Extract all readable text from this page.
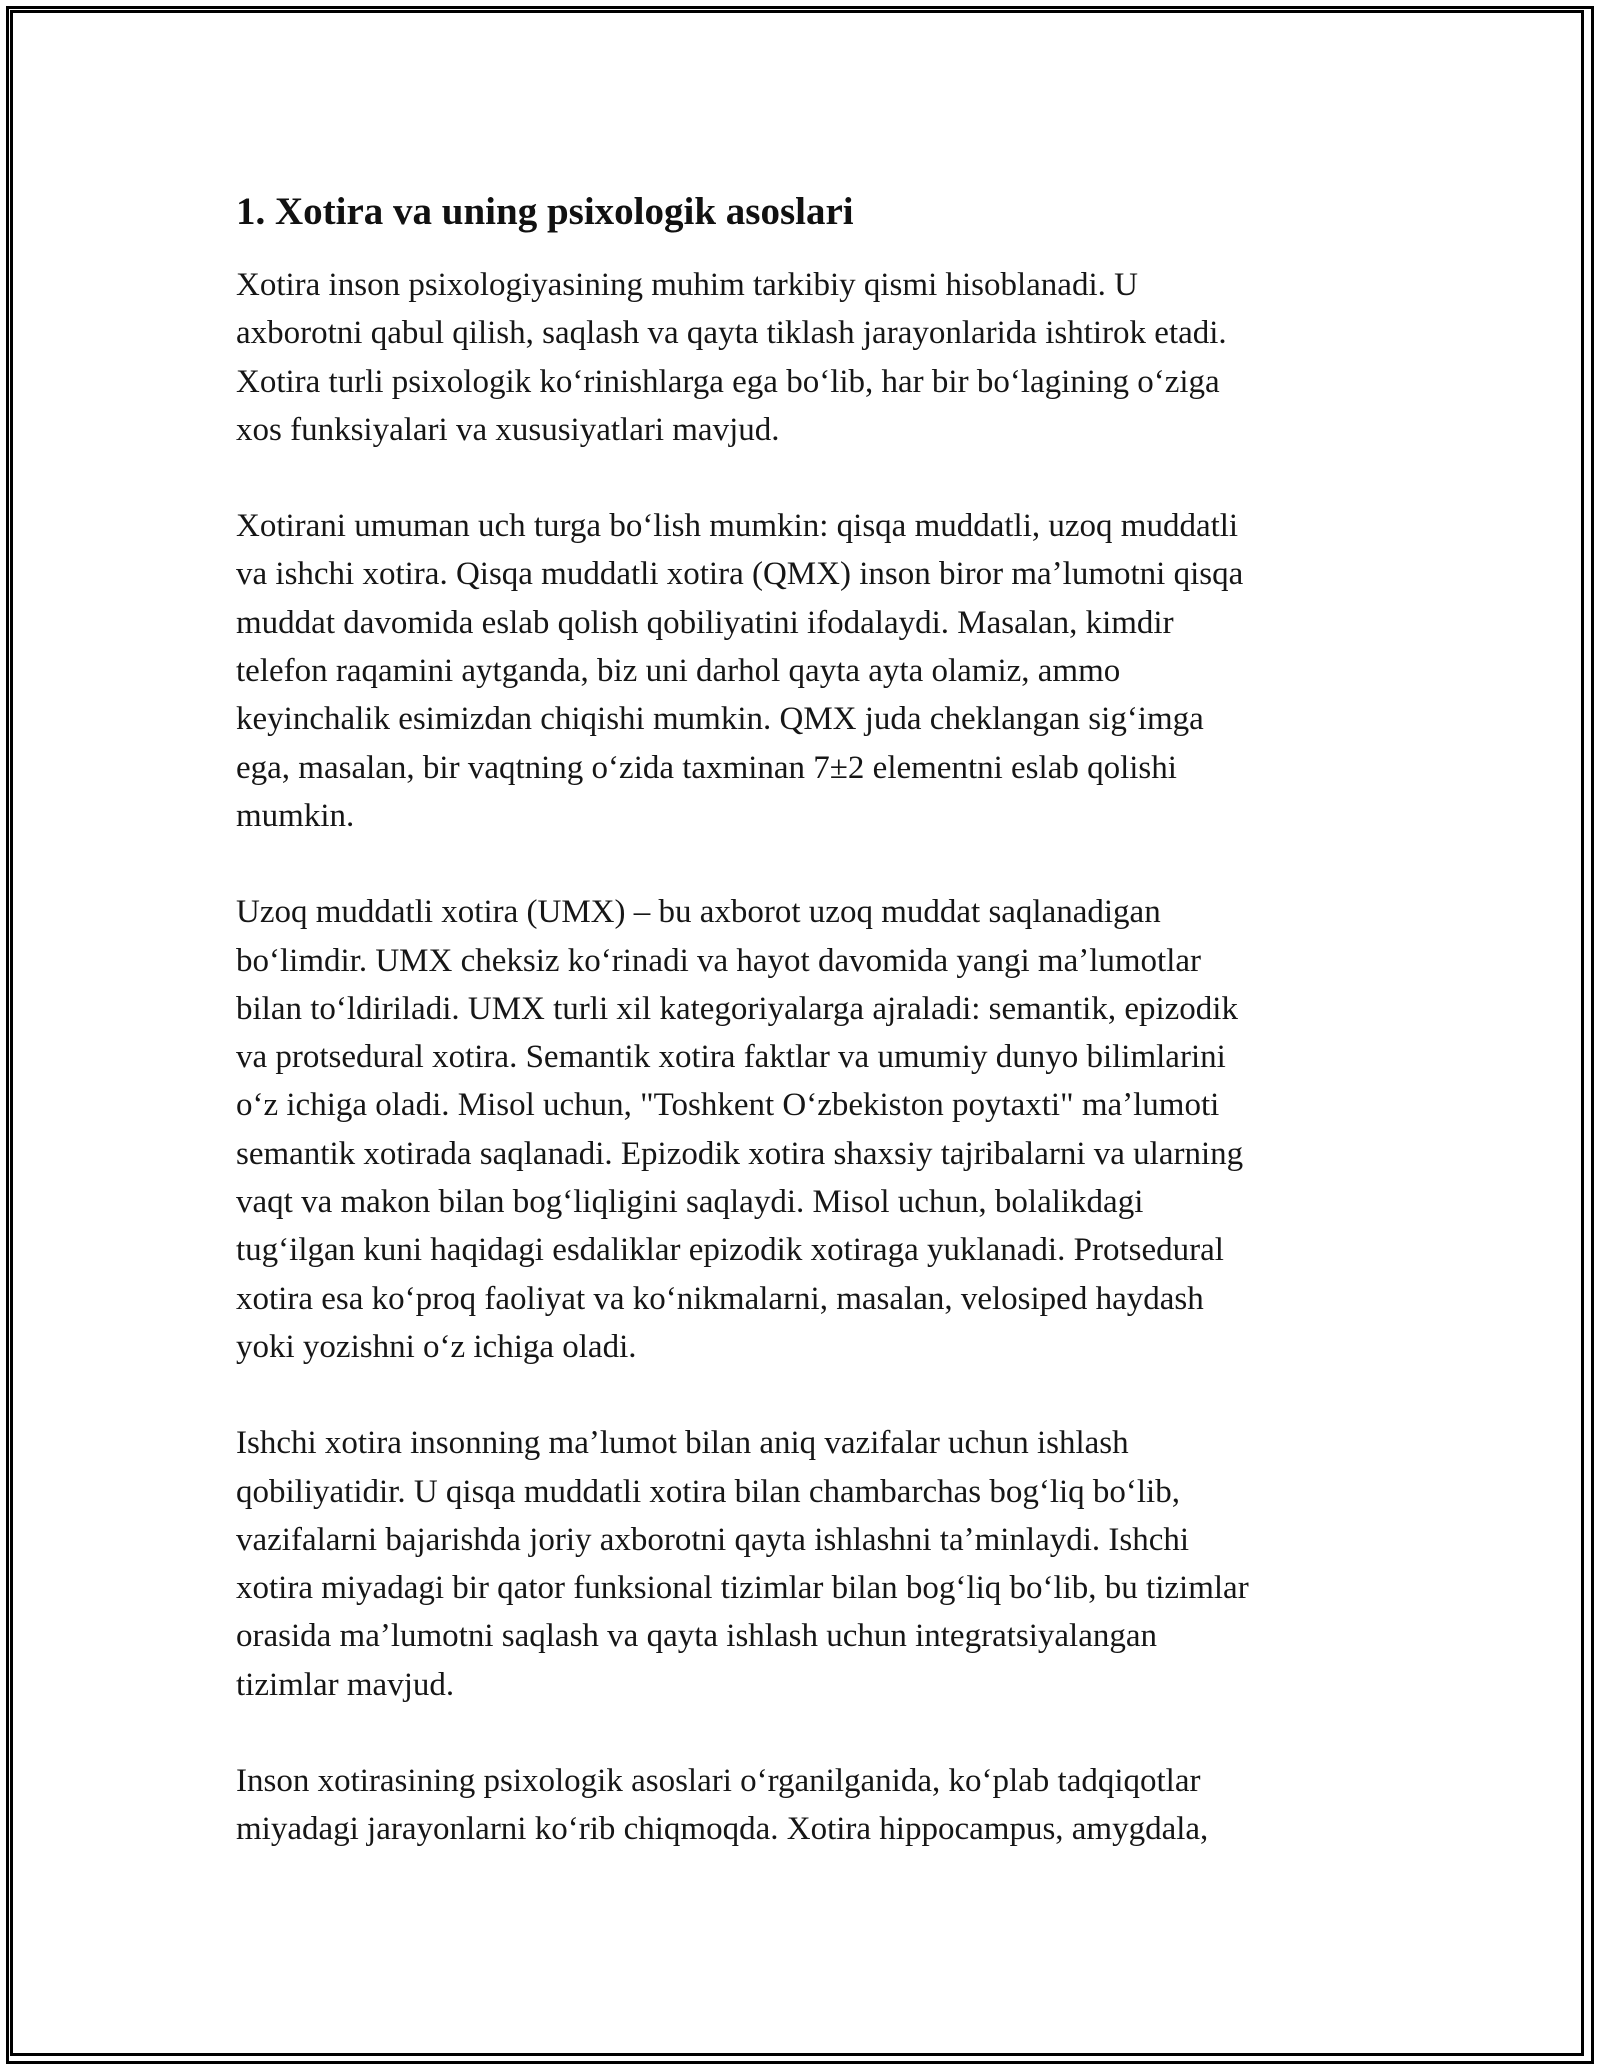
1. Xotira va uning psixologik asoslari

Xotira inson psixologiyasining muhim tarkibiy qismi hisoblanadi. U
axborotni qabul qilish, saqlash va qayta tiklash jarayonlarida ishtirok etadi.
Xotira turli psixologik koʻrinishlarga ega boʻlib, har bir boʻlagining oʻziga
xos funksiyalari va xususiyatlari mavjud.

Xotirani umuman uch turga boʻlish mumkin: qisqa muddatli, uzoq muddatli
va ishchi xotira. Qisqa muddatli xotira (QMX) inson biror maʼlumotni qisqa
muddat davomida eslab qolish qobiliyatini ifodalaydi. Masalan, kimdir
telefon raqamini aytganda, biz uni darhol qayta ayta olamiz, ammo
keyinchalik esimizdan chiqishi mumkin. QMX juda cheklangan sigʻimga
ega, masalan, bir vaqtning oʻzida taxminan 7±2 elementni eslab qolishi
mumkin.

Uzoq muddatli xotira (UMX) – bu axborot uzoq muddat saqlanadigan
boʻlimdir. UMX cheksiz koʻrinadi va hayot davomida yangi maʼlumotlar
bilan toʻldiriladi. UMX turli xil kategoriyalarga ajraladi: semantik, epizodik
va protsedural xotira. Semantik xotira faktlar va umumiy dunyo bilimlarini
oʻz ichiga oladi. Misol uchun, "Toshkent Oʻzbekiston poytaxti" maʼlumoti
semantik xotirada saqlanadi. Epizodik xotira shaxsiy tajribalarni va ularning
vaqt va makon bilan bogʻliqligini saqlaydi. Misol uchun, bolalikdagi
tugʻilgan kuni haqidagi esdaliklar epizodik xotiraga yuklanadi. Protsedural
xotira esa koʻproq faoliyat va koʻnikmalarni, masalan, velosiped haydash
yoki yozishni oʻz ichiga oladi.

Ishchi xotira insonning maʼlumot bilan aniq vazifalar uchun ishlash
qobiliyatidir. U qisqa muddatli xotira bilan chambarchas bogʻliq boʻlib,
vazifalarni bajarishda joriy axborotni qayta ishlashni taʼminlaydi. Ishchi
xotira miyadagi bir qator funksional tizimlar bilan bogʻliq boʻlib, bu tizimlar
orasida maʼlumotni saqlash va qayta ishlash uchun integratsiyalangan
tizimlar mavjud.

Inson xotirasining psixologik asoslari oʻrganilganida, koʻplab tadqiqotlar
miyadagi jarayonlarni koʻrib chiqmoqda. Xotira hippocampus, amygdala,
